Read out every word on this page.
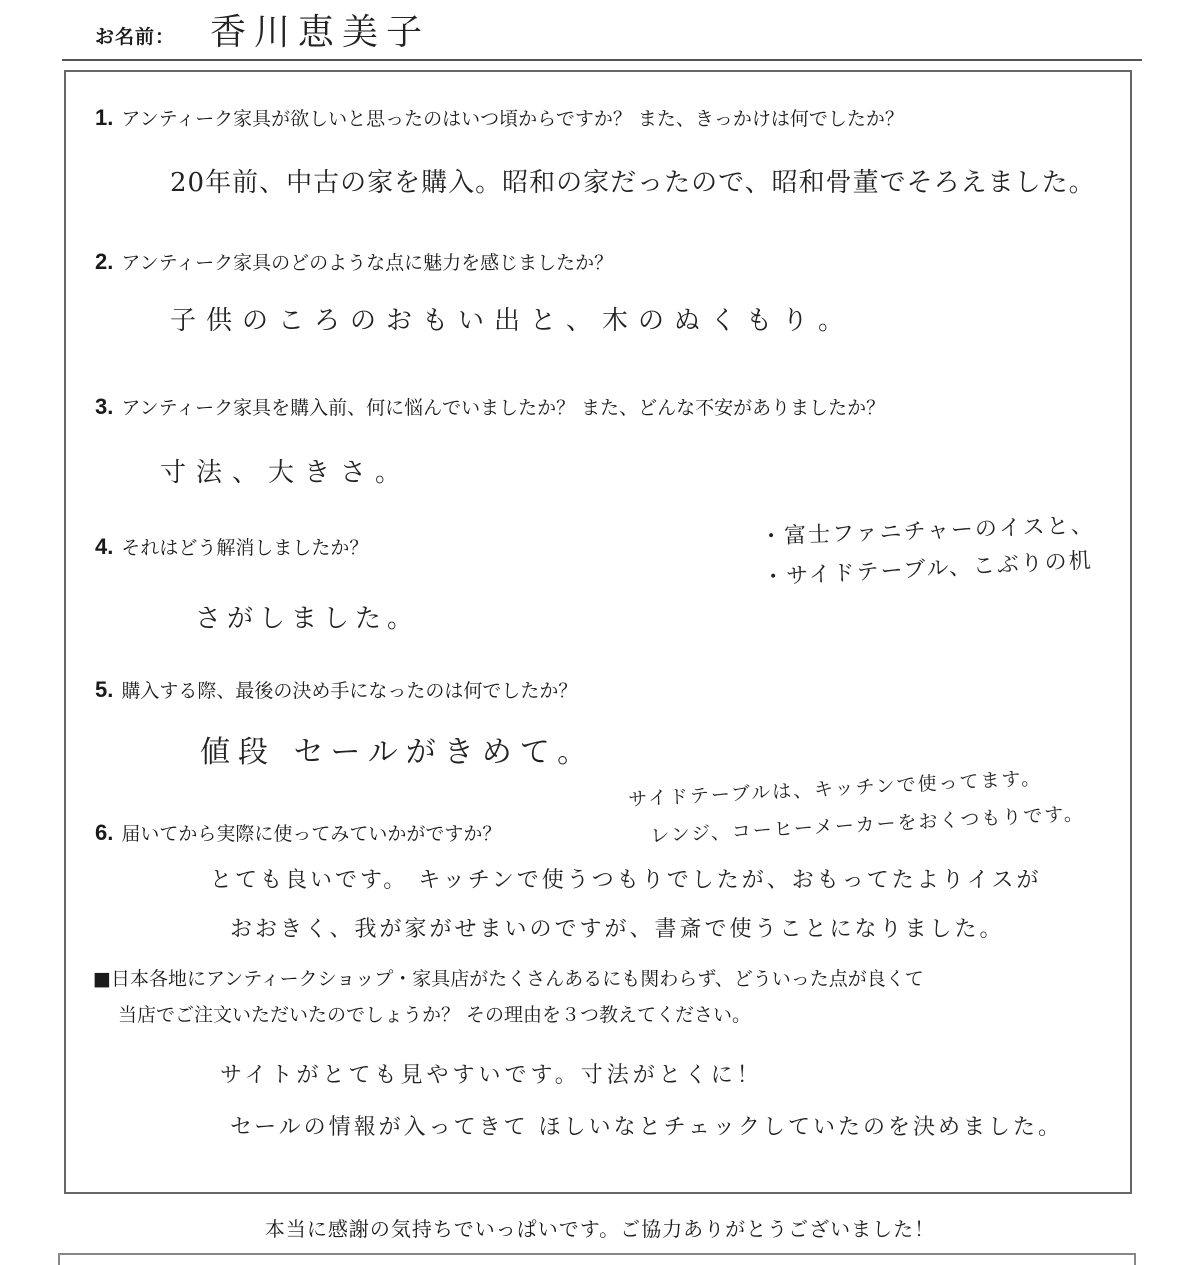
お名前： 香川恵美子
1. アンティーク家具が欲しいと思ったのはいつ頃からですか？ また、きっかけは何でしたか？
20年前、中古の家を購入。昭和の家だったので、昭和骨董でそろえました。
2. アンティーク家具のどのような点に魅力を感じましたか？
子供のころのおもい出と、木のぬくもり。
3. アンティーク家具を購入前、何に悩んでいましたか？ また、どんな不安がありましたか？
寸法、大きさ。
4. それはどう解消しましたか？	・富士ファニチャーのイスと、
・サイドテーブル、こぶりの机
さがしました。
5. 購入する際、最後の決め手になったのは何でしたか？
値段 セールがきめて。
6. 届いてから実際に使ってみていかがですか？
サイドテーブルは、キッチンで使ってます。
レンジ、コーヒーメーカーをおくつもりです。
とても良いです。 キッチンで使うつもりでしたが、おもってたよりイスが
おおきく、我が家がせまいのですが、書斎で使うことになりました。
■日本各地にアンティークショップ・家具店がたくさんあるにも関わらず、どういった点が良くて
当店でご注文いただいたのでしょうか？ その理由を３つ教えてください。
サイトがとても見やすいです。寸法がとくに！
セールの情報が入ってきて ほしいなとチェックしていたのを決めました。
本当に感謝の気持ちでいっぱいです。ご協力ありがとうございました！
